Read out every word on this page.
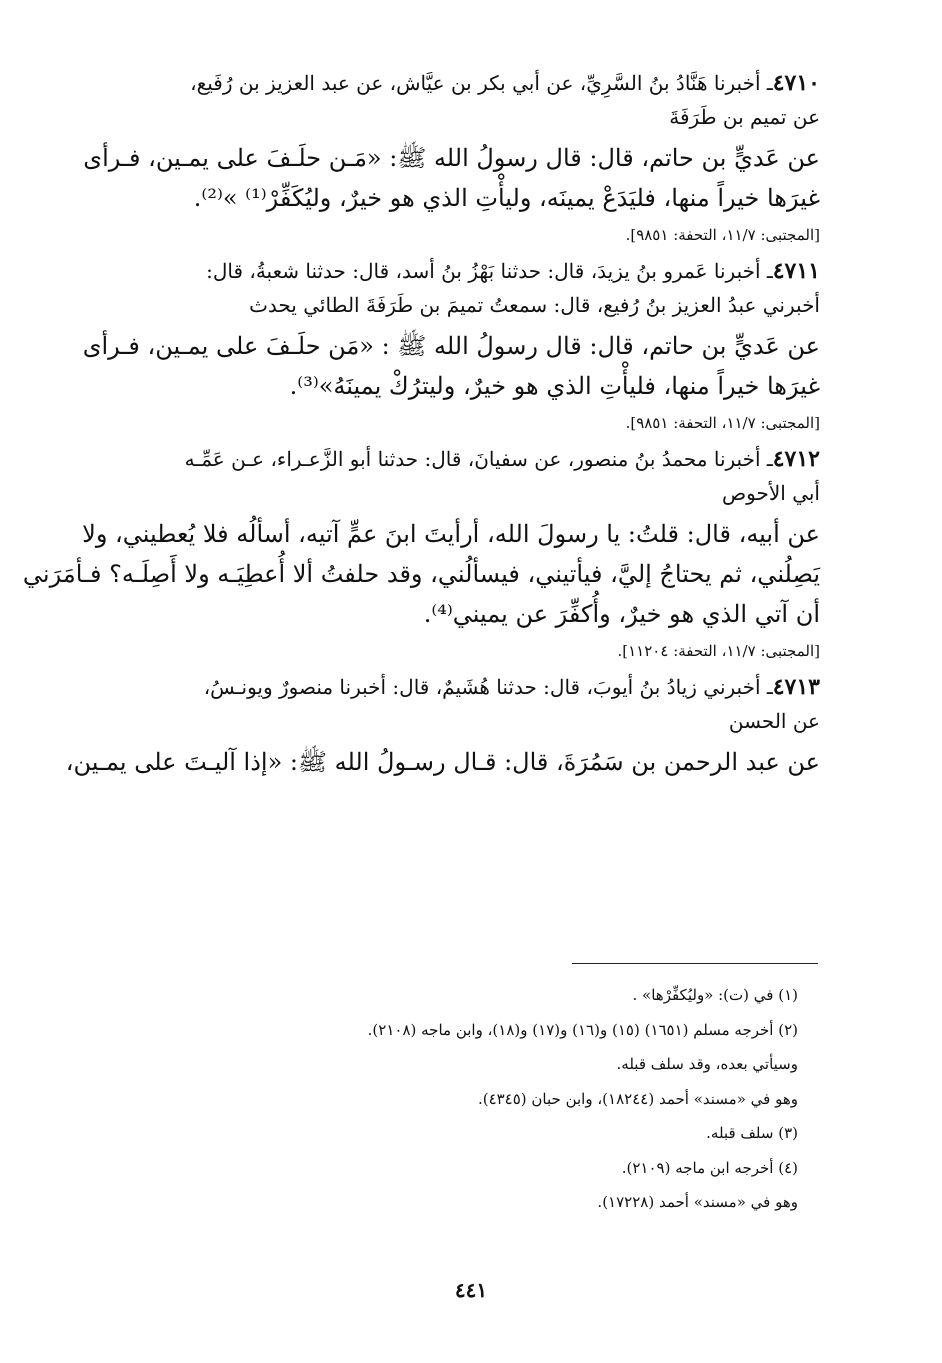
٤٧١٠ـ أخبرنا هَنَّادُ بنُ السَّرِيِّ، عن أبي بكر بن عيَّاش، عن عبد العزيز بن رُفَيع،
عن تميم بن طَرَفَةَ
عن عَديٍّ بن حاتم، قال: قال رسولُ الله ﷺ: «مَـن حلَـفَ على يمـين، فـرأى
غيرَها خيراً منها، فليَدَعْ يمينَه، وليأْتِ الذي هو خيرٌ، وليُكَفِّرْ⁽¹⁾ »⁽²⁾.
[المجتبى: ١١/٧، التحفة: ٩٨٥١].
٤٧١١ـ أخبرنا عَمرو بنُ يزيدَ، قال: حدثنا بَهْزُ بنُ أسد، قال: حدثنا شعبةُ، قال:
أخبرني عبدُ العزيز بنُ رُفيع، قال: سمعتُ تميمَ بن طَرَفَةَ الطائي يحدث
عن عَديٍّ بن حاتم، قال: قال رسولُ الله ﷺ : «مَن حلَـفَ على يمـين، فـرأى
غيرَها خيراً منها، فليأْتِ الذي هو خيرٌ، وليترُكْ يمينَهُ»⁽³⁾.
[المجتبى: ١١/٧، التحفة: ٩٨٥١].
٤٧١٢ـ أخبرنا محمدُ بنُ منصور، عن سفيانَ، قال: حدثنا أبو الزَّعـراء، عـن عَمِّـه
أبي الأحوص
عن أبيه، قال: قلتُ: يا رسولَ الله، أرأيتَ ابنَ عمٍّ آتيه، أسألُه فلا يُعطيني، ولا
يَصِلُني، ثم يحتاجُ إليَّ، فيأتيني، فيسألُني، وقد حلفتُ ألا أُعطِيَـه ولا أَصِلَـه؟ فـأمَرَني
أن آتي الذي هو خيرٌ، وأُكفِّرَ عن يميني⁽⁴⁾.
[المجتبى: ١١/٧، التحفة: ١١٢٠٤].
٤٧١٣ـ أخبرني زيادُ بنُ أيوبَ، قال: حدثنا هُشَيمٌ، قال: أخبرنا منصورٌ ويونـسُ،
عن الحسن
عن عبد الرحمن بن سَمُرَةَ، قال: قـال رسـولُ الله ﷺ: «إذا آليـتَ على يمـين،
(١) في (ت): «وليُكفِّرْها» .
(٢) أخرجه مسلم (١٦٥١) (١٥) و(١٦) و(١٧) و(١٨)، وابن ماجه (٢١٠٨).
وسيأتي بعده، وقد سلف قبله.
وهو في «مسند» أحمد (١٨٢٤٤)، وابن حبان (٤٣٤٥).
(٣) سلف قبله.
(٤) أخرجه ابن ماجه (٢١٠٩).
وهو في «مسند» أحمد (١٧٢٢٨).
٤٤١
